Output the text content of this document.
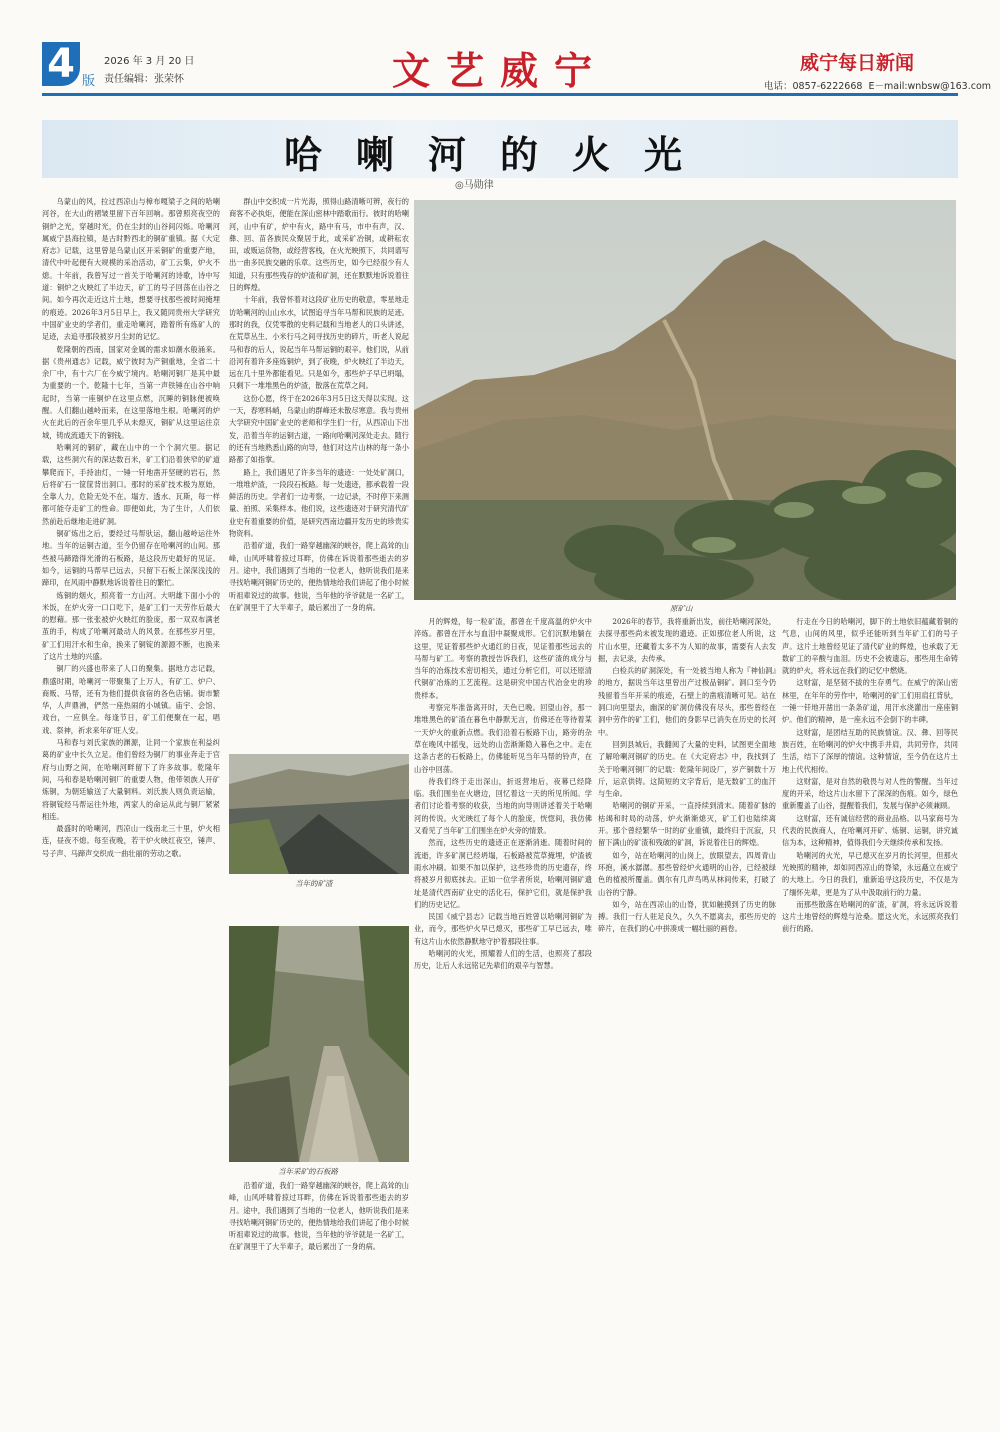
4 版
2026 年 3 月 20 日
责任编辑：张荣怀	文艺威宁	威宁每日新闻
电话：0857-6222668 E－mail:wnbsw@163.com
哈喇河的火光
◎马勋律
原矿山
当年的矿渣
当年采矿的石板路

乌蒙山的风，拉过西凉山与樟布嘎梁子之间的哈喇河谷，在大山的褶皱里留下百年回响。那曾照亮夜空的铜炉之光，穿越时光，仍在尘封的山谷间闪烁。哈喇河属威宁县海拉镇，是古时黔西北的铜矿重镇。据《大定府志》记载，这里曾是乌蒙山区开采铜矿的重要产地，清代中叶起便有大规模的采冶活动，矿工云集，炉火不熄。十年前，我曾写过一首关于哈喇河的诗歌，诗中写道：铜炉之火映红了半边天，矿工的号子回荡在山谷之间。如今再次走近这片土地，想要寻找那些被时间掩埋的痕迹。2026年3月5日早上，我又随同贵州大学研究中国矿业史的学者们，重走哈喇河，踏着所有炼矿人的足迹，去追寻那段被岁月尘封的记忆。

乾隆朝的西南，国家对金属的需求如潮水般涌来。据《贵州通志》记载，威宁彼时为产铜重地，全省二十余厂中，有十六厂在今威宁境内。哈喇河铜厂是其中最为重要的一个。乾隆十七年，当第一声铁锤在山谷中响起时，当第一座铜炉在这里点燃，沉睡的铜脉便被唤醒。人们翻山越岭而来，在这里落地生根。哈喇河的炉火在此后的百余年里几乎从未熄灭，铜矿从这里运往京城，铸成流通天下的铜钱。

哈喇河的铜矿，藏在山中的一个个洞穴里。据记载，这些洞穴有的深达数百米，矿工们沿着狭窄的矿道攀爬而下，手持油灯，一锤一钎地凿开坚硬的岩石，然后将矿石一筐筐背出洞口。那时的采矿技术极为原始，全靠人力，危险无处不在。塌方、透水、瓦斯，每一样都可能夺走矿工的性命。即便如此，为了生计，人们依然前赴后继地走进矿洞。

铜矿炼出之后，要经过马帮驮运，翻山越岭运往外地。当年的运铜古道，至今仍留存在哈喇河的山间。那些被马蹄踏得光滑的石板路，是这段历史最好的见证。如今，运铜的马帮早已远去，只留下石板上深深浅浅的蹄印，在风雨中静默地诉说着往日的繁忙。

炼铜的烟火，照亮着一方山河。大明雄下面小小的米饭，在炉火旁一口口吃下，是矿工们一天劳作后最大的慰藉。那一张张被炉火映红的脸庞，那一双双布满老茧的手，构成了哈喇河最动人的风景。在那些岁月里，矿工们用汗水和生命，换来了铜锭的源源不断，也换来了这片土地的兴盛。

铜厂的兴盛也带来了人口的聚集。据地方志记载，鼎盛时期，哈喇河一带聚集了上万人，有矿工、炉户、商贩、马帮，还有为他们提供食宿的各色店铺。街市繁华，人声鼎沸，俨然一座热闹的小城镇。庙宇、会馆、戏台，一应俱全。每逢节日，矿工们便聚在一起，唱戏、祭神，祈求来年矿旺人安。

马和春与刘氏家族的渊源，让同一个家族在利益纠葛的矿业中长久立足。他们曾经为铜厂的事业奔走于官府与山野之间，在哈喇河畔留下了许多故事。乾隆年间，马和春是哈喇河铜厂的重要人物，他带领族人开矿炼铜，为朝廷输送了大量铜料。刘氏族人则负责运输，将铜锭经马帮运往外地，两家人的命运从此与铜厂紧紧相连。

最盛时的哈喇河，西凉山一线南北三十里，炉火相连，昼夜不熄。每至夜晚，若干炉火映红夜空，锤声、号子声、马蹄声交织成一曲壮丽的劳动之歌。

群山中交织成一片光海，照得山路清晰可辨，夜行的商客不必执炬，便能在深山密林中踏歌而行。彼时的哈喇河，山中有矿，炉中有火，路中有马，市中有声，汉、彝、回、苗各族民众聚居于此，或采矿冶铜，或耕耘农田，或贩运货物，或经营客栈，在火光映照下，共同谱写出一曲多民族交融的乐章。这些历史，如今已经很少有人知道，只有那些残存的炉渣和矿洞，还在默默地诉说着往日的辉煌。

十年前，我曾怀着对这段矿业历史的敬意，零星地走访哈喇河的山山水水，试图追寻当年马帮和民族的足迹。那时的我，仅凭零散的史料记载和当地老人的口头讲述，在荒草丛生、小米行马之间寻找历史的碎片，听老人说起马和春的后人，说起当年马帮运铜的艰辛。他们说，从前沿河有着许多座炼铜炉，到了夜晚，炉火映红了半边天，远在几十里外都能看见。只是如今，那些炉子早已坍塌，只剩下一堆堆黑色的炉渣，散落在荒草之间。

这份心愿，终于在2026年3月5日这天得以实现。这一天，春寒料峭，乌蒙山的群峰还未散尽寒意。我与贵州大学研究中国矿业史的老师和学生们一行，从西凉山下出发，沿着当年的运铜古道，一路向哈喇河深处走去。随行的还有当地熟悉山路的向导，他们对这片山林的每一条小路都了如指掌。

路上，我们遇见了许多当年的遗迹：一处处矿洞口，一堆堆炉渣，一段段石板路。每一处遗迹，都承载着一段鲜活的历史。学者们一边考察，一边记录，不时停下来测量、拍照、采集样本。他们说，这些遗迹对于研究清代矿业史有着重要的价值，是研究西南边疆开发历史的珍贵实物资料。

沿着矿道，我们一路穿越幽深的峡谷，爬上高耸的山峰，山风呼啸着掠过耳畔，仿佛在诉说着那些逝去的岁月。途中，我们遇到了当地的一位老人，他听说我们是来寻找哈喇河铜矿历史的，便热情地给我们讲起了他小时候听祖辈说过的故事。他说，当年他的爷爷就是一名矿工，在矿洞里干了大半辈子，最后累出了一身的病。

沿着矿道，我们一路穿越幽深的峡谷，爬上高耸的山峰，山风呼啸着掠过耳畔，仿佛在诉说着那些逝去的岁月。途中，我们遇到了当地的一位老人，他听说我们是来寻找哈喇河铜矿历史的，便热情地给我们讲起了他小时候听祖辈说过的故事。他说，当年他的爷爷就是一名矿工，在矿洞里干了大半辈子，最后累出了一身的病。

月的辉煌，每一粒矿渣，都曾在千度高温的炉火中淬炼。都曾在汗水与血泪中凝聚成形。它们沉默地躺在这里，见证着那些炉火通红的日夜，见证着那些远去的马帮与矿工。考察的教授告诉我们，这些矿渣的成分与当年的冶炼技术密切相关，通过分析它们，可以还原清代铜矿冶炼的工艺流程。这是研究中国古代冶金史的珍贵样本。

考察完毕准备离开时，天色已晚。回望山谷，那一堆堆黑色的矿渣在暮色中静默无言，仿佛还在等待着某一天炉火的重新点燃。我们沿着石板路下山，路旁的杂草在晚风中摇曳，远处的山峦渐渐隐入暮色之中。走在这条古老的石板路上，仿佛能听见当年马帮的铃声，在山谷中回荡。

待我们终于走出深山，折返营地后，夜幕已经降临。我们围坐在火塘边，回忆着这一天的所见所闻。学者们讨论着考察的收获，当地的向导则讲述着关于哈喇河的传说。火光映红了每个人的脸庞，恍惚间，我仿佛又看见了当年矿工们围坐在炉火旁的情景。

然而，这些历史的遗迹正在逐渐消逝。随着时间的流逝，许多矿洞已经坍塌，石板路被荒草掩埋，炉渣被雨水冲刷。如果不加以保护，这些珍贵的历史遗存，终将被岁月彻底抹去。正如一位学者所说，哈喇河铜矿遗址是清代西南矿业史的活化石，保护它们，就是保护我们的历史记忆。

民国《威宁县志》记载当地百姓曾以哈喇河铜矿为业，而今，那些炉火早已熄灭，那些矿工早已远去，唯有这片山水依然静默地守护着那段往事。

哈喇河的火光，照耀着人们的生活，也照亮了那段历史，让后人永远铭记先辈们的艰辛与智慧。

2026年的春节，我将重新出发，前往哈喇河深处，去探寻那些尚未被发现的遗迹。正如那位老人所说，这片山水里，还藏着太多不为人知的故事，需要有人去发掘，去记录，去传承。

白检兵的矿洞深处，有一处被当地人称为『神仙洞』的地方，据说当年这里曾出产过极品铜矿。洞口至今仍残留着当年开采的痕迹，石壁上的凿痕清晰可见。站在洞口向里望去，幽深的矿洞仿佛没有尽头，那些曾经在洞中劳作的矿工们，他们的身影早已消失在历史的长河中。

回到县城后，我翻阅了大量的史料，试图更全面地了解哈喇河铜矿的历史。在《大定府志》中，我找到了关于哈喇河铜厂的记载：乾隆年间设厂，岁产铜数十万斤，运京供铸。这简短的文字背后，是无数矿工的血汗与生命。

哈喇河的铜矿开采，一直持续到清末。随着矿脉的枯竭和时局的动荡，炉火渐渐熄灭，矿工们也陆续离开。那个曾经繁华一时的矿业重镇，最终归于沉寂，只留下满山的矿渣和残破的矿洞，诉说着往日的辉煌。

如今，站在哈喇河的山岗上，放眼望去，四周青山环抱，溪水潺潺。那些曾经炉火通明的山谷，已经被绿色的植被所覆盖。偶尔有几声鸟鸣从林间传来，打破了山谷的宁静。

如今，站在西凉山的山脊，犹如触摸到了历史的脉搏。我们一行人驻足良久，久久不愿离去，那些历史的碎片，在我们的心中拼凑成一幅壮丽的画卷。

行走在今日的哈喇河，脚下的土地依旧蕴藏着铜的气息，山间的风里，似乎还能听到当年矿工们的号子声。这片土地曾经见证了清代矿业的辉煌，也承载了无数矿工的辛酸与血泪。历史不会被遗忘，那些用生命铸就的炉火，将永远在我们的记忆中燃烧。

这财富，是坚韧不拔的生存勇气。在威宁的深山密林里，在年年的劳作中，哈喇河的矿工们用肩扛背驮，一锤一钎地开凿出一条条矿道，用汗水浇灌出一座座铜炉。他们的精神，是一座永远不会倒下的丰碑。

这财富，是团结互助的民族情谊。汉、彝、回等民族百姓，在哈喇河的炉火中携手并肩，共同劳作，共同生活，结下了深厚的情谊。这种情谊，至今仍在这片土地上代代相传。

这财富，是对自然的敬畏与对人性的警醒。当年过度的开采，给这片山水留下了深深的伤痕。如今，绿色重新覆盖了山谷，提醒着我们，发展与保护必须兼顾。

这财富，还有诚信经营的商业品格。以马家商号为代表的民族商人，在哈喇河开矿、炼铜、运铜，讲究诚信为本，这种精神，值得我们今天继续传承和发扬。

哈喇河的火光，早已熄灭在岁月的长河里，但那火光映照的精神，却如同西凉山的脊梁，永远矗立在威宁的大地上。今日的我们，重新追寻这段历史，不仅是为了缅怀先辈，更是为了从中汲取前行的力量。

而那些散落在哈喇河的矿渣，矿洞，将永远诉说着这片土地曾经的辉煌与沧桑。愿这火光，永远照亮我们前行的路。
